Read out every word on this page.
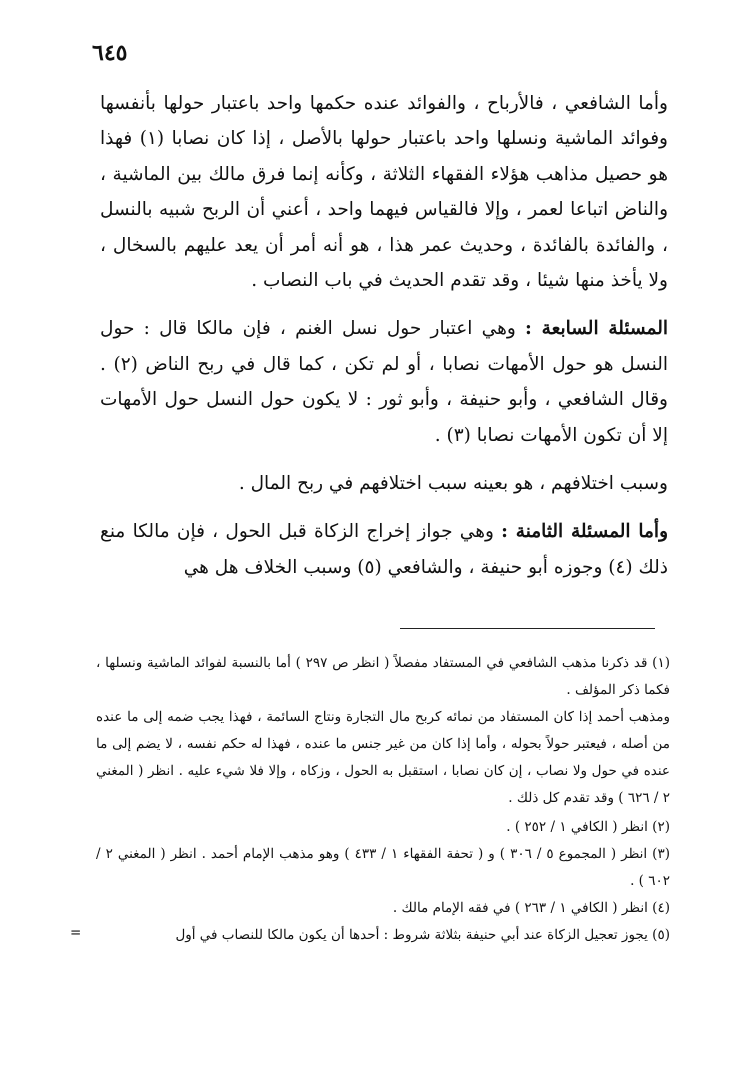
٦٤٥

وأما الشافعي ، فالأرباح ، والفوائد عنده حكمها واحد باعتبار حولها بأنفسها وفوائد الماشية ونسلها واحد باعتبار حولها بالأصل ، إذا كان نصابا (١) فهذا هو حصيل مذاهب هؤلاء الفقهاء الثلاثة ، وكأنه إنما فرق مالك بين الماشية ، والناض اتباعا لعمر ، وإلا فالقياس فيهما واحد ، أعني أن الربح شبيه بالنسل ، والفائدة بالفائدة ، وحديث عمر هذا ، هو أنه أمر أن يعد عليهم بالسخال ، ولا يأخذ منها شيئا ، وقد تقدم الحديث في باب النصاب .

المسئلة السابعة : وهي اعتبار حول نسل الغنم ، فإن مالكا قال : حول النسل هو حول الأمهات نصابا ، أو لم تكن ، كما قال في ربح الناض (٢) . وقال الشافعي ، وأبو حنيفة ، وأبو ثور : لا يكون حول النسل حول الأمهات إلا أن تكون الأمهات نصابا (٣) .

وسبب اختلافهم ، هو بعينه سبب اختلافهم في ربح المال .

وأما المسئلة الثامنة : وهي جواز إخراج الزكاة قبل الحول ، فإن مالكا منع ذلك (٤) وجوزه أبو حنيفة ، والشافعي (٥) وسبب الخلاف هل هي

(١) قد ذكرنا مذهب الشافعي في المستفاد مفصلاً ( انظر ص ٢٩٧ ) أما بالنسبة لفوائد الماشية ونسلها ، فكما ذكر المؤلف .

ومذهب أحمد إذا كان المستفاد من نمائه كربح مال التجارة ونتاج السائمة ، فهذا يجب ضمه إلى ما عنده من أصله ، فيعتبر حولاً بحوله ، وأما إذا كان من غير جنس ما عنده ، فهذا له حكم نفسه ، لا يضم إلى ما عنده في حول ولا نصاب ، إن كان نصابا ، استقبل به الحول ، وزكاه ، وإلا فلا شيء عليه . انظر ( المغني ٢ / ٦٢٦ ) وقد تقدم كل ذلك .

(٢) انظر ( الكافي ١ / ٢٥٢ ) .

(٣) انظر ( المجموع ٥ / ٣٠٦ ) و ( تحفة الفقهاء ١ / ٤٣٣ ) وهو مذهب الإمام أحمد . انظر ( المغني ٢ / ٦٠٢ ) .

(٤) انظر ( الكافي ١ / ٢٦٣ ) في فقه الإمام مالك .

(٥) يجوز تعجيل الزكاة عند أبي حنيفة بثلاثة شروط : أحدها أن يكون مالكا للنصاب في أول
=
